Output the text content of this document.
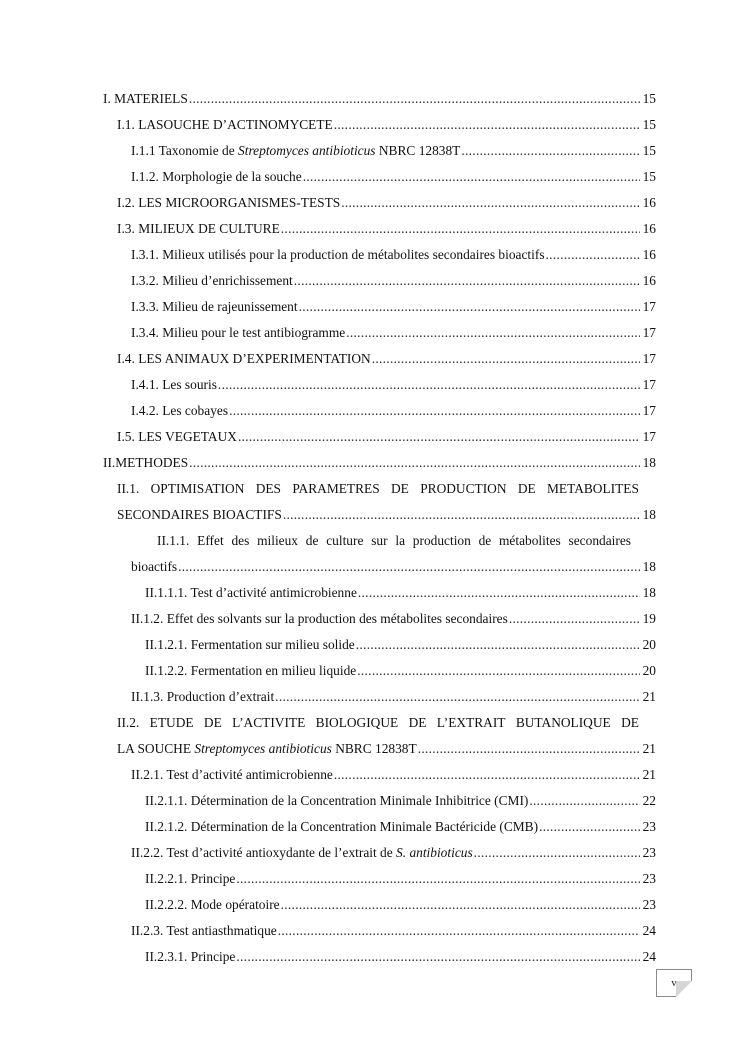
I. MATERIELS .....	15
I.1. LASOUCHE D’ACTINOMYCETE .....	15
I.1.1 Taxonomie de Streptomyces antibioticus NBRC 12838T .....	15
I.1.2. Morphologie de la souche .....	15
I.2. LES MICROORGANISMES-TESTS .....	16
I.3. MILIEUX DE CULTURE .....	16
I.3.1. Milieux utilisés pour la production de métabolites secondaires bioactifs .....	16
I.3.2. Milieu d’enrichissement .....	16
I.3.3. Milieu de rajeunissement .....	17
I.3.4. Milieu pour le test antibiogramme .....	17
I.4. LES ANIMAUX D’EXPERIMENTATION .....	17
I.4.1. Les souris .....	17
I.4.2. Les cobayes .....	17
I.5. LES VEGETAUX .....	17
II.METHODES .....	18
II.1. OPTIMISATION DES PARAMETRES DE PRODUCTION DE METABOLITES
SECONDAIRES BIOACTIFS .....	18
II.1.1. Effet des milieux de culture sur la production de métabolites secondaires
bioactifs .....	18
II.1.1.1. Test d’activité antimicrobienne .....	18
II.1.2. Effet des solvants sur la production des métabolites secondaires .....	19
II.1.2.1. Fermentation sur milieu solide .....	20
II.1.2.2. Fermentation en milieu liquide .....	20
II.1.3. Production d’extrait .....	21
II.2. ETUDE DE L’ACTIVITE BIOLOGIQUE DE L’EXTRAIT BUTANOLIQUE DE
LA SOUCHE Streptomyces antibioticus NBRC 12838T .....	21
II.2.1. Test d’activité antimicrobienne .....	21
II.2.1.1. Détermination de la Concentration Minimale Inhibitrice (CMI) .....	22
II.2.1.2. Détermination de la Concentration Minimale Bactéricide (CMB) .....	23
II.2.2. Test d’activité antioxydante de l’extrait de S. antibioticus .....	23
II.2.2.1. Principe .....	23
II.2.2.2. Mode opératoire .....	23
II.2.3. Test antiasthmatique .....	24
II.2.3.1. Principe .....	24
v
